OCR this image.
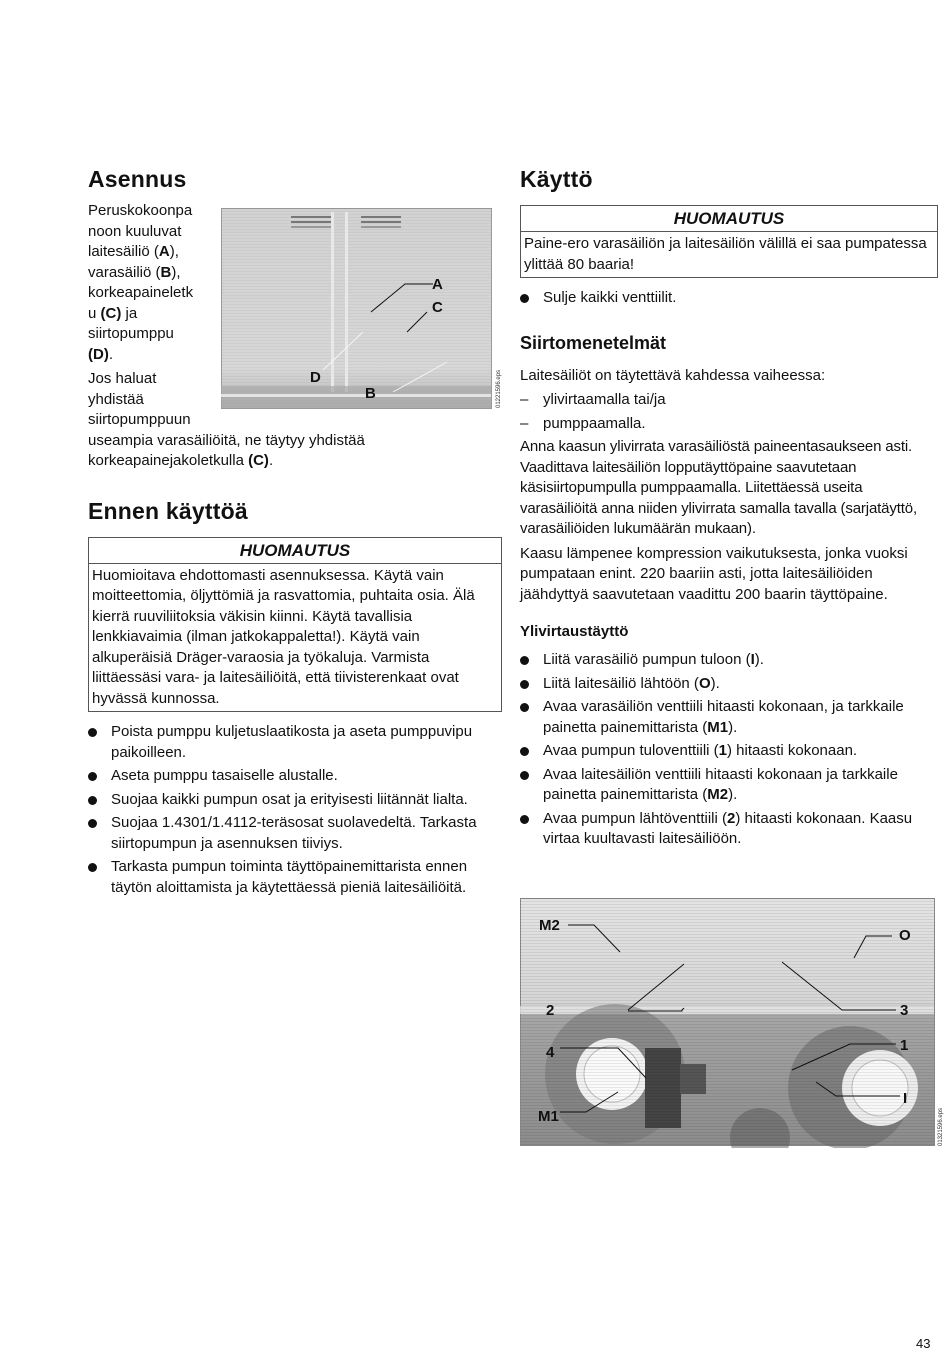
Asennus

Peruskokoonpa
noon kuuluvat
laitesäiliö (A),
varasäiliö (B),
korkeapaineletk
u (C) ja
siirtopumppu
(D).

Jos haluat
yhdistää
siirtopumppuun

useampia varasäiliöitä, ne täytyy yhdistää
korkeapainejakoletkulla (C).

Ennen käyttöä
HUOMAUTUS
Huomioitava ehdottomasti asennuksessa. Käytä vain moitteettomia, öljyttömiä ja rasvattomia, puhtaita osia. Älä kierrä ruuviliitoksia väkisin kiinni. Käytä tavallisia lenkkiavaimia (ilman jatkokappaletta!). Käytä vain alkuperäisiä Dräger-varaosia ja työkaluja. Varmista liittäessäsi vara- ja laitesäiliöitä, että tiivisterenkaat ovat hyvässä kunnossa.
Poista pumppu kuljetuslaatikosta ja aseta pumppuvipu paikoilleen.
Aseta pumppu tasaiselle alustalle.
Suojaa kaikki pumpun osat ja erityisesti liitännät lialta.
Suojaa 1.4301/1.4112-teräsosat suolavedeltä. Tarkasta siirtopumpun ja asennuksen tiiviys.
Tarkasta pumpun toiminta täyttöpainemittarista ennen täytön aloittamista ja käytettäessä pieniä laitesäiliöitä.
A
C
D
B	01221596.eps
Käyttö
HUOMAUTUS
Paine-ero varasäiliön ja laitesäiliön välillä ei saa pumpatessa ylittää 80 baaria!
Sulje kaikki venttiilit.
Siirtomenetelmät

Laitesäiliöt on täytettävä kahdessa vaiheessa:

– ylivirtaamalla tai/ja
– pumppaamalla.

Anna kaasun ylivirrata varasäiliöstä paineentasaukseen asti. Vaadittava laitesäiliön lopputäyttöpaine saavutetaan käsisiirtopumpulla pumppaamalla. Liitettäessä useita varasäiliöitä anna niiden ylivirrata samalla tavalla (sarjatäyttö, varasäiliöiden lukumäärän mukaan).

Kaasu lämpenee kompression vaikutuksesta, jonka vuoksi pumpataan enint. 220 baariin asti, jotta laitesäiliöiden jäähdyttyä saavutetaan vaadittu 200 baarin täyttöpaine.

Ylivirtaustäyttö
Liitä varasäiliö pumpun tuloon (I).
Liitä laitesäiliö lähtöön (O).
Avaa varasäiliön venttiili hitaasti kokonaan, ja tarkkaile painetta painemittarista (M1).
Avaa pumpun tuloventtiili (1) hitaasti kokonaan.
Avaa laitesäiliön venttiili hitaasti kokonaan ja tarkkaile painetta painemittarista (M2).
Avaa pumpun lähtöventtiili (2) hitaasti kokonaan. Kaasu virtaa kuultavasti laitesäiliöön.
M2
O
2	3
4	1
I
M1	01321596.eps
43
